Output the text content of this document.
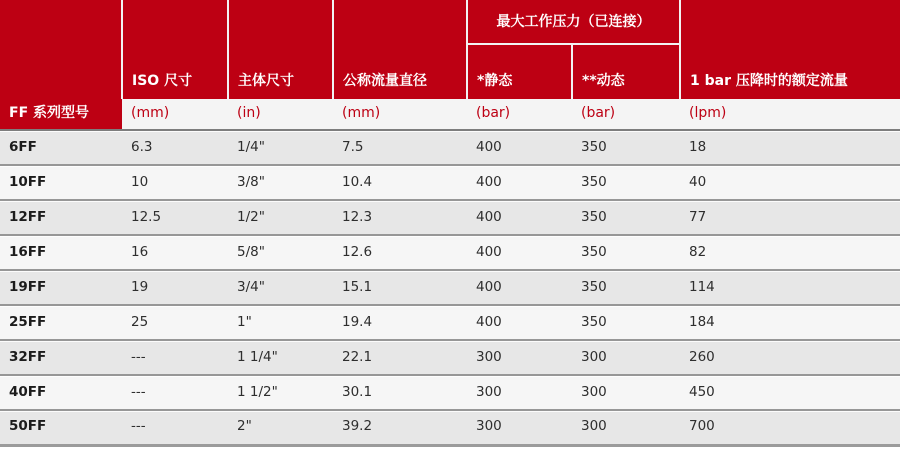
FF 系列型号	ISO 尺寸	主体尺寸	公称流量直径	最大工作压力（已连接）		1 bar 压降时的额定流量
				*静态	**动态	
	(mm)	(in)	(mm)	(bar)	(bar)	(lpm)
6FF	6.3	1/4"	7.5	400	350	18
10FF	10	3/8"	10.4	400	350	40
12FF	12.5	1/2"	12.3	400	350	77
16FF	16	5/8"	12.6	400	350	82
19FF	19	3/4"	15.1	400	350	114
25FF	25	1"	19.4	400	350	184
32FF	---	1 1/4"	22.1	300	300	260
40FF	---	1 1/2"	30.1	300	300	450
50FF	---	2"	39.2	300	300	700
